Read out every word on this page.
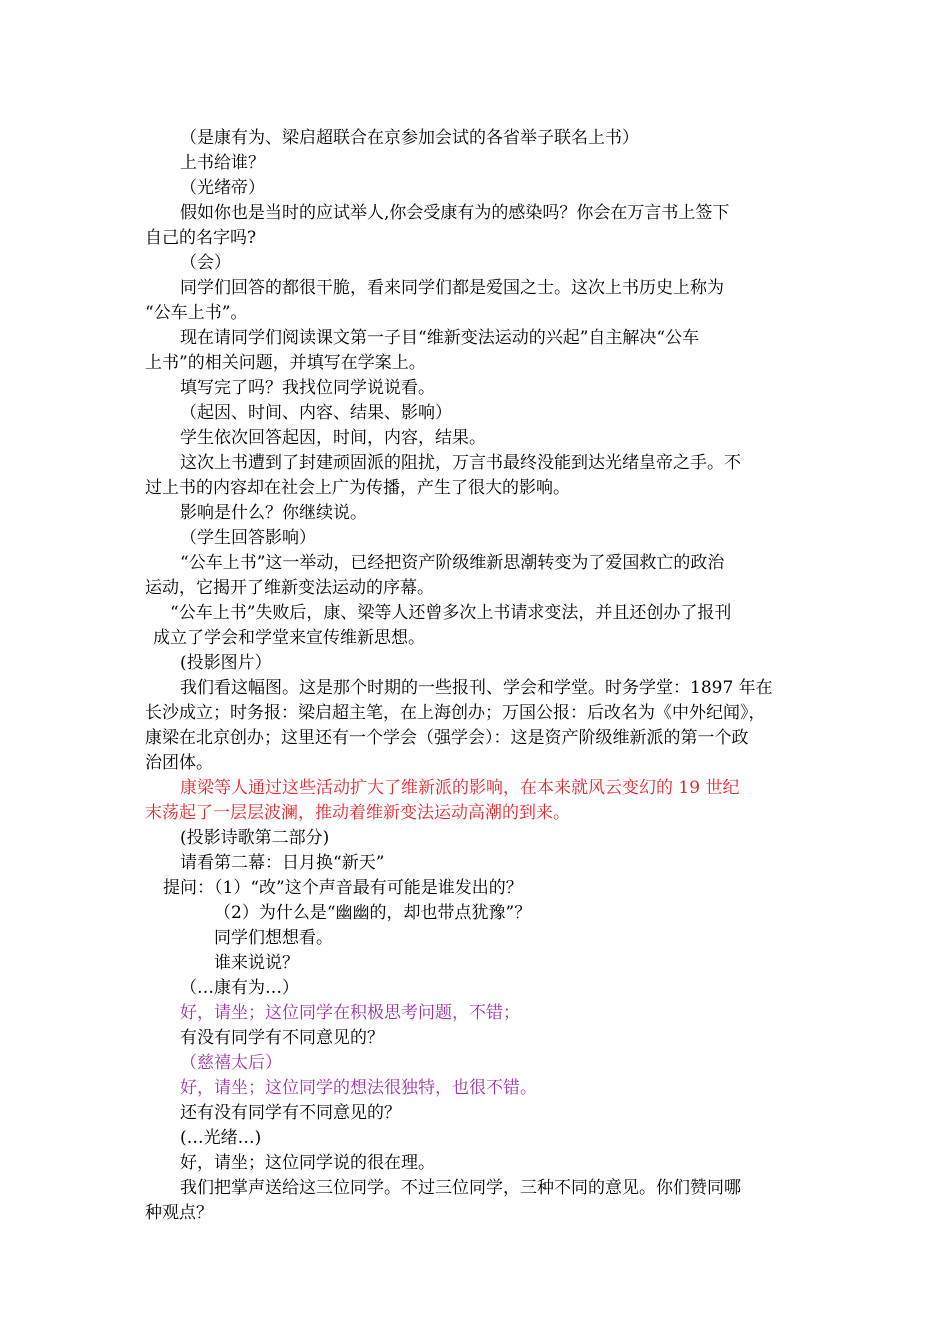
（是康有为、梁启超联合在京参加会试的各省举子联名上书）
上书给谁？
（光绪帝）
假如你也是当时的应试举人,你会受康有为的感染吗？你会在万言书上签下
自己的名字吗?
（会）
同学们回答的都很干脆，看来同学们都是爱国之士。这次上书历史上称为
“公车上书”。
现在请同学们阅读课文第一子目“维新变法运动的兴起”自主解决“公车
上书”的相关问题，并填写在学案上。
填写完了吗？我找位同学说说看。
（起因、时间、内容、结果、影响）
学生依次回答起因，时间，内容，结果。
这次上书遭到了封建顽固派的阻扰，万言书最终没能到达光绪皇帝之手。不
过上书的内容却在社会上广为传播，产生了很大的影响。
影响是什么？你继续说。
（学生回答影响）
“公车上书”这一举动，已经把资产阶级维新思潮转变为了爱国救亡的政治
运动，它揭开了维新变法运动的序幕。
“公车上书”失败后，康、梁等人还曾多次上书请求变法，并且还创办了报刊
成立了学会和学堂来宣传维新思想。
(投影图片）
我们看这幅图。这是那个时期的一些报刊、学会和学堂。时务学堂：1897 年在
长沙成立；时务报：梁启超主笔，在上海创办；万国公报：后改名为《中外纪闻》，
康梁在北京创办；这里还有一个学会（强学会）：这是资产阶级维新派的第一个政
治团体。
康梁等人通过这些活动扩大了维新派的影响，在本来就风云变幻的 19 世纪
末荡起了一层层波澜，推动着维新变法运动高潮的到来。
(投影诗歌第二部分)
请看第二幕：日月换“新天”
提问：（1）“改”这个声音最有可能是谁发出的？
（2）为什么是“幽幽的，却也带点犹豫”？
同学们想想看。
谁来说说？
（…康有为…）
好，请坐；这位同学在积极思考问题，不错；
有没有同学有不同意见的？
（慈禧太后）
好，请坐；这位同学的想法很独特，也很不错。
还有没有同学有不同意见的？
(…光绪…)
好，请坐；这位同学说的很在理。
我们把掌声送给这三位同学。不过三位同学，三种不同的意见。你们赞同哪
种观点？
